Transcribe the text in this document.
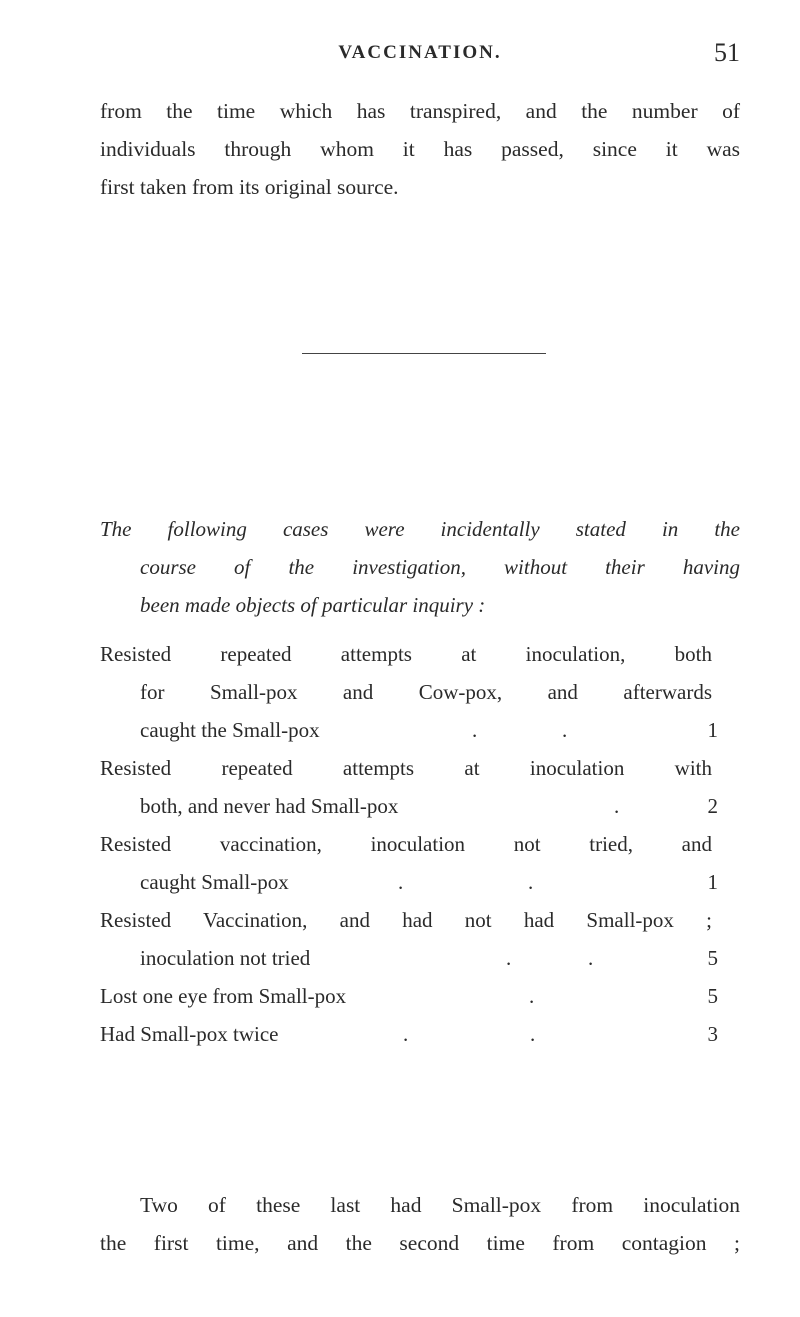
VACCINATION.	51
from the time which has transpired, and the number of
individuals through whom it has passed, since it was
first taken from its original source.
The following cases were incidentally stated in the
course of the investigation, without their having
been made objects of particular inquiry :
Resisted repeated attempts at inoculation, both
for Small-pox and Cow-pox, and afterwards
caught the Small-pox	.	.	1
Resisted repeated attempts at inoculation with
both, and never had Small-pox	.	2
Resisted vaccination, inoculation not tried, and
caught Small-pox	.	.	1
Resisted Vaccination, and had not had Small-pox ;
inoculation not tried	.	.	5
Lost one eye from Small-pox	.	5
Had Small-pox twice	.	.	3
Two of these last had Small-pox from inoculation
the first time, and the second time from contagion ;
